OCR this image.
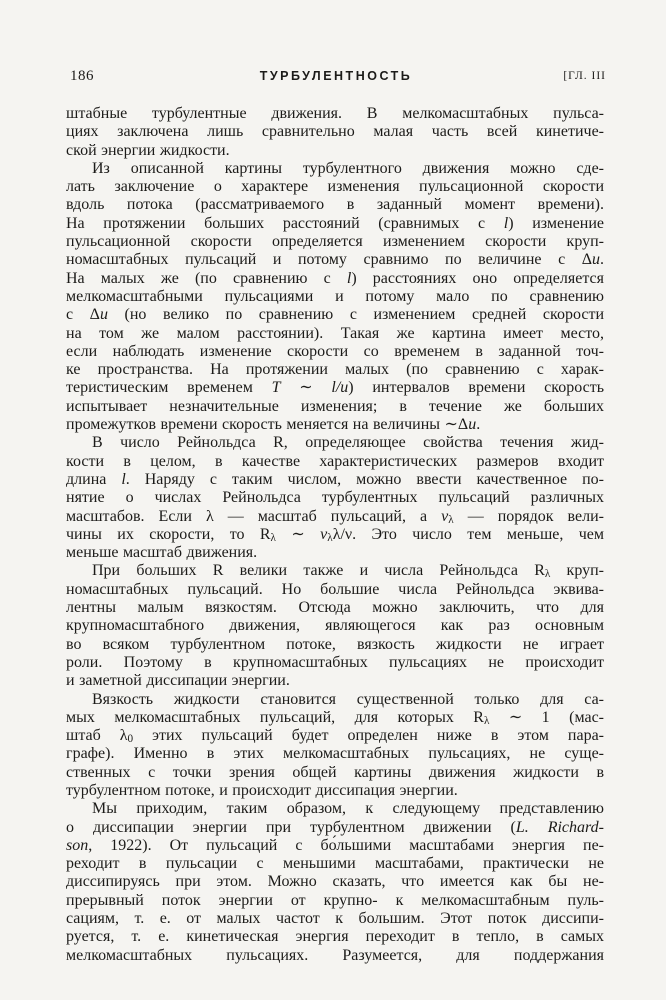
186	ТУРБУЛЕНТНОСТЬ	[ГЛ. III

штабные турбулентные движения. В мелкомасштабных пульса-
циях заключена лишь сравнительно малая часть всей кинетиче-
ской энергии жидкости.

Из описанной картины турбулентного движения можно сде-
лать заключение о характере изменения пульсационной скорости
вдоль потока (рассматриваемого в заданный момент времени).
На протяжении больших расстояний (сравнимых с l) изменение
пульсационной скорости определяется изменением скорости круп-
номасштабных пульсаций и потому сравнимо по величине с Δu.
На малых же (по сравнению с l) расстояниях оно определяется
мелкомасштабными пульсациями и потому мало по сравнению
с Δu (но велико по сравнению с изменением средней скорости
на том же малом расстоянии). Такая же картина имеет место,
если наблюдать изменение скорости со временем в заданной точ-
ке пространства. На протяжении малых (по сравнению с харак-
теристическим временем T ∼ l/u) интервалов времени скорость
испытывает незначительные изменения; в течение же больших
промежутков времени скорость меняется на величины ∼Δu.

В число Рейнольдса R, определяющее свойства течения жид-
кости в целом, в качестве характеристических размеров входит
длина l. Наряду с таким числом, можно ввести качественное по-
нятие о числах Рейнольдса турбулентных пульсаций различных
масштабов. Если λ — масштаб пульсаций, а $v_\lambda$ — порядок вели-
чины их скорости, то $R_\lambda$ ∼ $v_\lambda\lambda/\nu$. Это число тем меньше, чем
меньше масштаб движения.

При больших R велики также и числа Рейнольдса $R_\lambda$ круп-
номасштабных пульсаций. Но большие числа Рейнольдса эквива-
лентны малым вязкостям. Отсюда можно заключить, что для
крупномасштабного движения, являющегося как раз основным
во всяком турбулентном потоке, вязкость жидкости не играет
роли. Поэтому в крупномасштабных пульсациях не происходит
и заметной диссипации энергии.

Вязкость жидкости становится существенной только для са-
мых мелкомасштабных пульсаций, для которых $R_\lambda$ ∼ 1 (мас-
штаб $\lambda_0$ этих пульсаций будет определен ниже в этом пара-
графе). Именно в этих мелкомасштабных пульсациях, не суще-
ственных с точки зрения общей картины движения жидкости в
турбулентном потоке, и происходит диссипация энергии.

Мы приходим, таким образом, к следующему представлению
о диссипации энергии при турбулентном движении (L. Richard-
son, 1922). От пульсаций с бо́льшими масштабами энергия пе-
реходит в пульсации с меньшими масштабами, практически не
диссипируясь при этом. Можно сказать, что имеется как бы не-
прерывный поток энергии от крупно- к мелкомасштабным пуль-
сациям, т. е. от малых частот к большим. Этот поток диссипи-
руется, т. е. кинетическая энергия переходит в тепло, в самых
мелкомасштабных пульсациях. Разумеется, для поддержания
